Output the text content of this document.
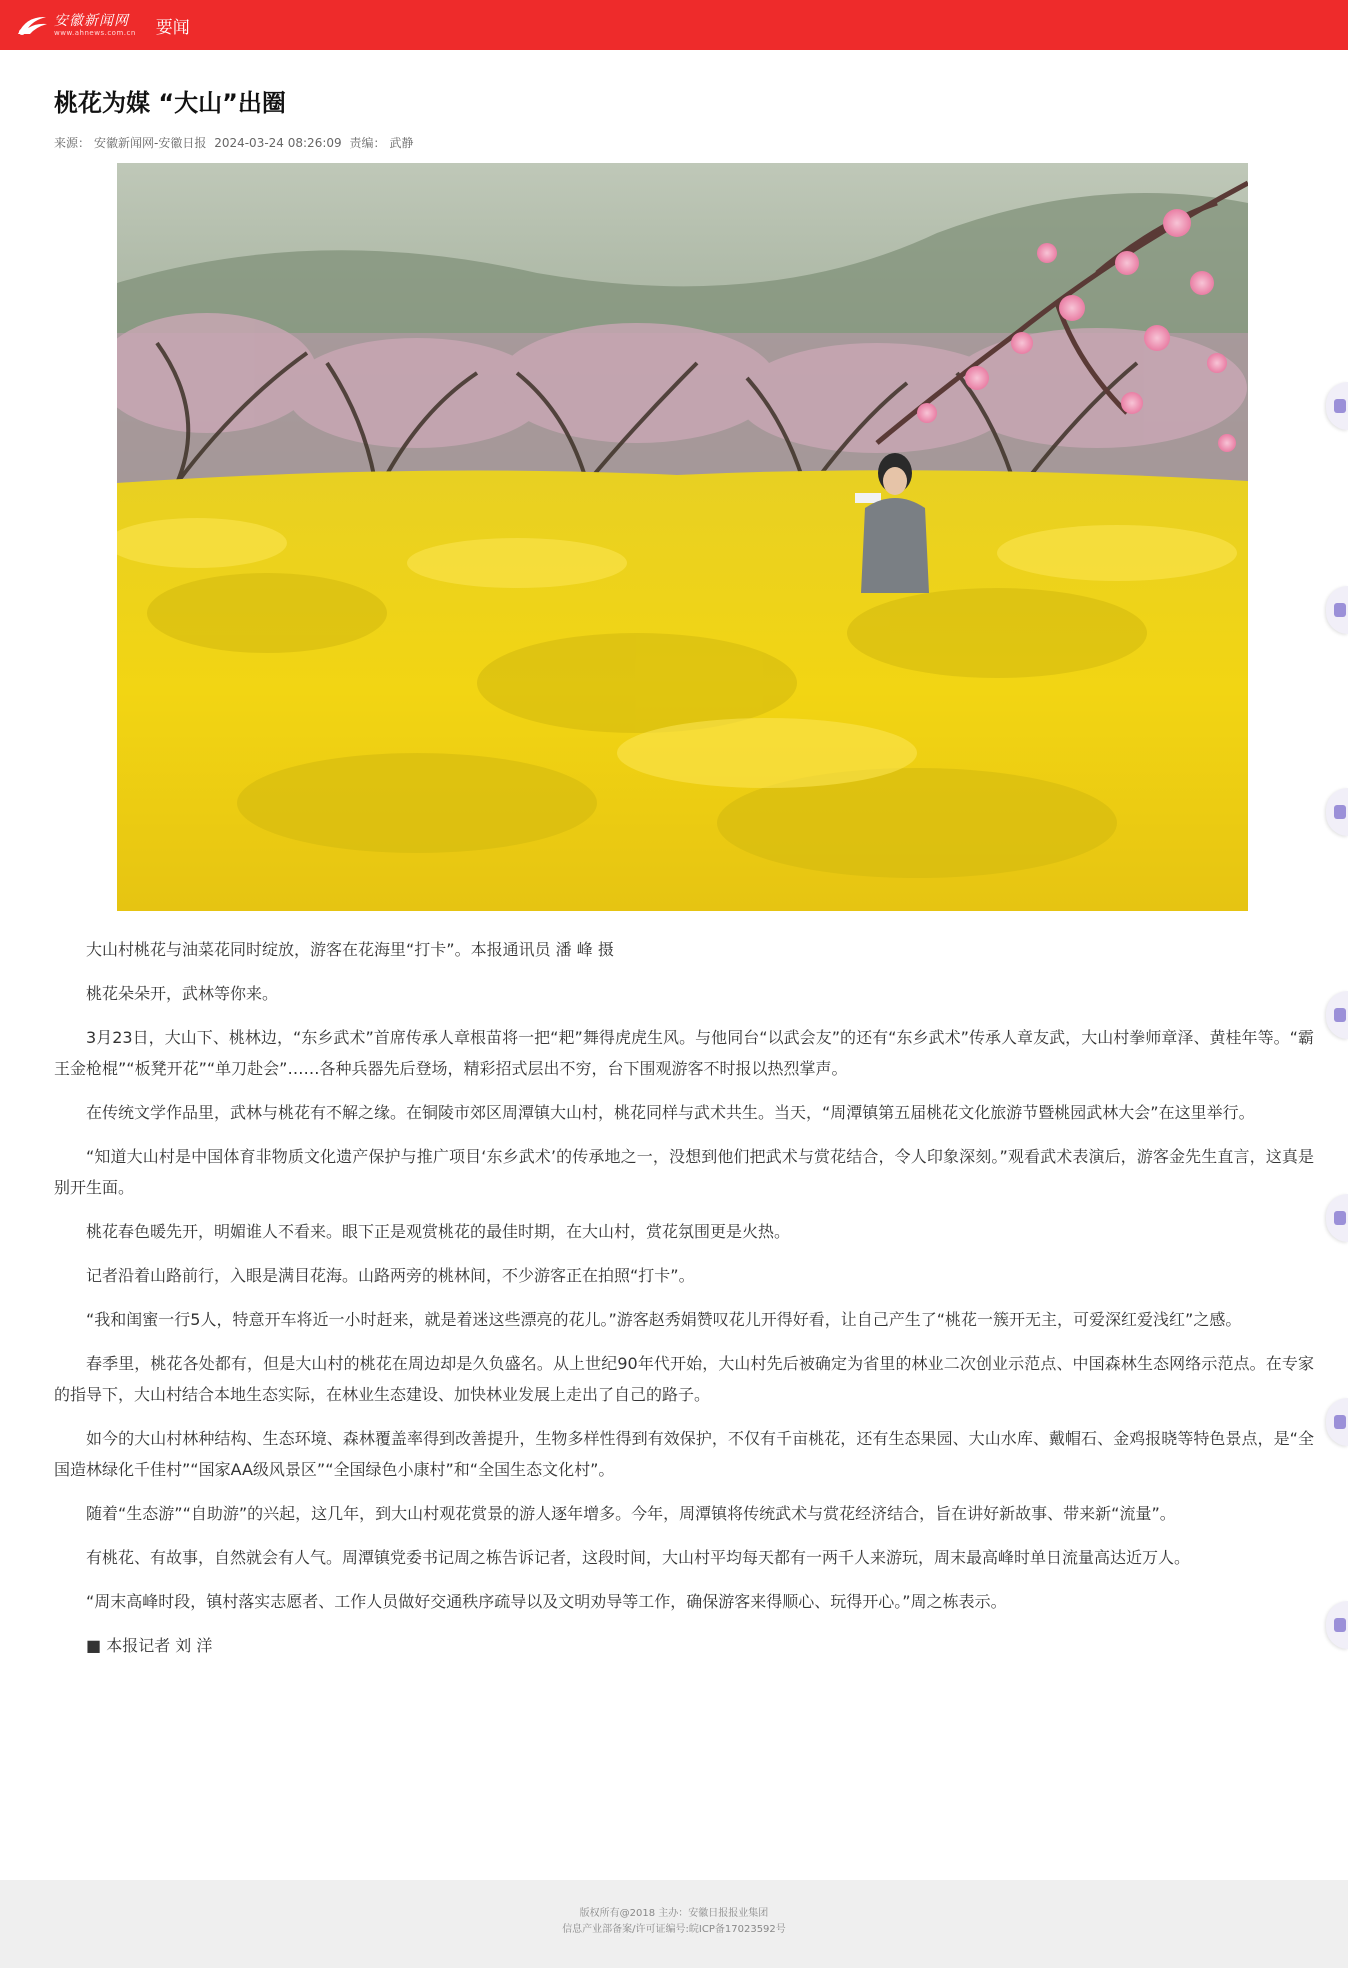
安徽新闻网
www.ahnews.com.cn 要闻
桃花为媒 “大山”出圈
来源： 安徽新闻网-安徽日报 2024-03-24 08:26:09 责编： 武静

大山村桃花与油菜花同时绽放，游客在花海里“打卡”。本报通讯员 潘 峰 摄

桃花朵朵开，武林等你来。

3月23日，大山下、桃林边，“东乡武术”首席传承人章根苗将一把“耙”舞得虎虎生风。与他同台“以武会友”的还有“东乡武术”传承人章友武，大山村拳师章泽、黄桂年等。“霸王金枪棍”“板凳开花”“单刀赴会”……各种兵器先后登场，精彩招式层出不穷，台下围观游客不时报以热烈掌声。

在传统文学作品里，武林与桃花有不解之缘。在铜陵市郊区周潭镇大山村，桃花同样与武术共生。当天，“周潭镇第五届桃花文化旅游节暨桃园武林大会”在这里举行。

“知道大山村是中国体育非物质文化遗产保护与推广项目‘东乡武术’的传承地之一，没想到他们把武术与赏花结合，令人印象深刻。”观看武术表演后，游客金先生直言，这真是别开生面。

桃花春色暖先开，明媚谁人不看来。眼下正是观赏桃花的最佳时期，在大山村，赏花氛围更是火热。

记者沿着山路前行，入眼是满目花海。山路两旁的桃林间，不少游客正在拍照“打卡”。

“我和闺蜜一行5人，特意开车将近一小时赶来，就是着迷这些漂亮的花儿。”游客赵秀娟赞叹花儿开得好看，让自己产生了“桃花一簇开无主，可爱深红爱浅红”之感。

春季里，桃花各处都有，但是大山村的桃花在周边却是久负盛名。从上世纪90年代开始，大山村先后被确定为省里的林业二次创业示范点、中国森林生态网络示范点。在专家的指导下，大山村结合本地生态实际，在林业生态建设、加快林业发展上走出了自己的路子。

如今的大山村林种结构、生态环境、森林覆盖率得到改善提升，生物多样性得到有效保护，不仅有千亩桃花，还有生态果园、大山水库、戴帽石、金鸡报晓等特色景点，是“全国造林绿化千佳村”“国家AA级风景区”“全国绿色小康村”和“全国生态文化村”。

随着“生态游”“自助游”的兴起，这几年，到大山村观花赏景的游人逐年增多。今年，周潭镇将传统武术与赏花经济结合，旨在讲好新故事、带来新“流量”。

有桃花、有故事，自然就会有人气。周潭镇党委书记周之栋告诉记者，这段时间，大山村平均每天都有一两千人来游玩，周末最高峰时单日流量高达近万人。

“周末高峰时段，镇村落实志愿者、工作人员做好交通秩序疏导以及文明劝导等工作，确保游客来得顺心、玩得开心。”周之栋表示。

■ 本报记者 刘 洋

版权所有@2018 主办：安徽日报报业集团
信息产业部备案/许可证编号:皖ICP备17023592号
